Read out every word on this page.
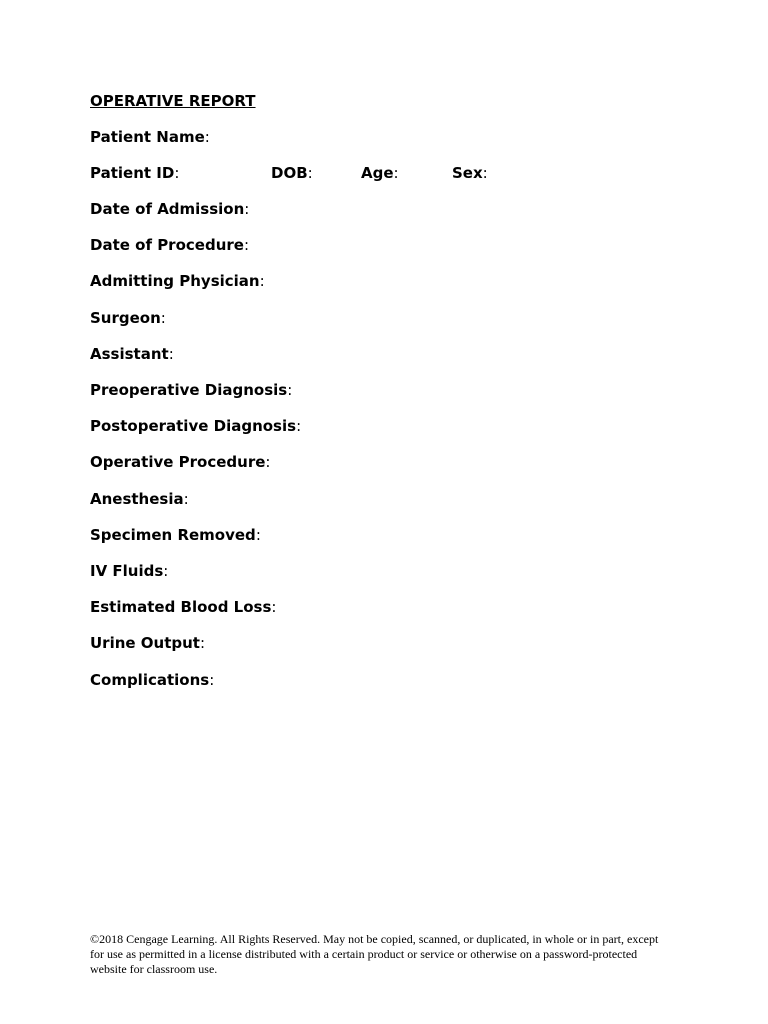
OPERATIVE REPORT
Patient Name:
Patient ID:	DOB:	Age:	Sex:
Date of Admission:
Date of Procedure:
Admitting Physician:
Surgeon:
Assistant:
Preoperative Diagnosis:
Postoperative Diagnosis:
Operative Procedure:
Anesthesia:
Specimen Removed:
IV Fluids:
Estimated Blood Loss:
Urine Output:
Complications:
©2018 Cengage Learning. All Rights Reserved. May not be copied, scanned, or duplicated, in whole or in part, except for use as permitted in a license distributed with a certain product or service or otherwise on a password-protected website for classroom use.
